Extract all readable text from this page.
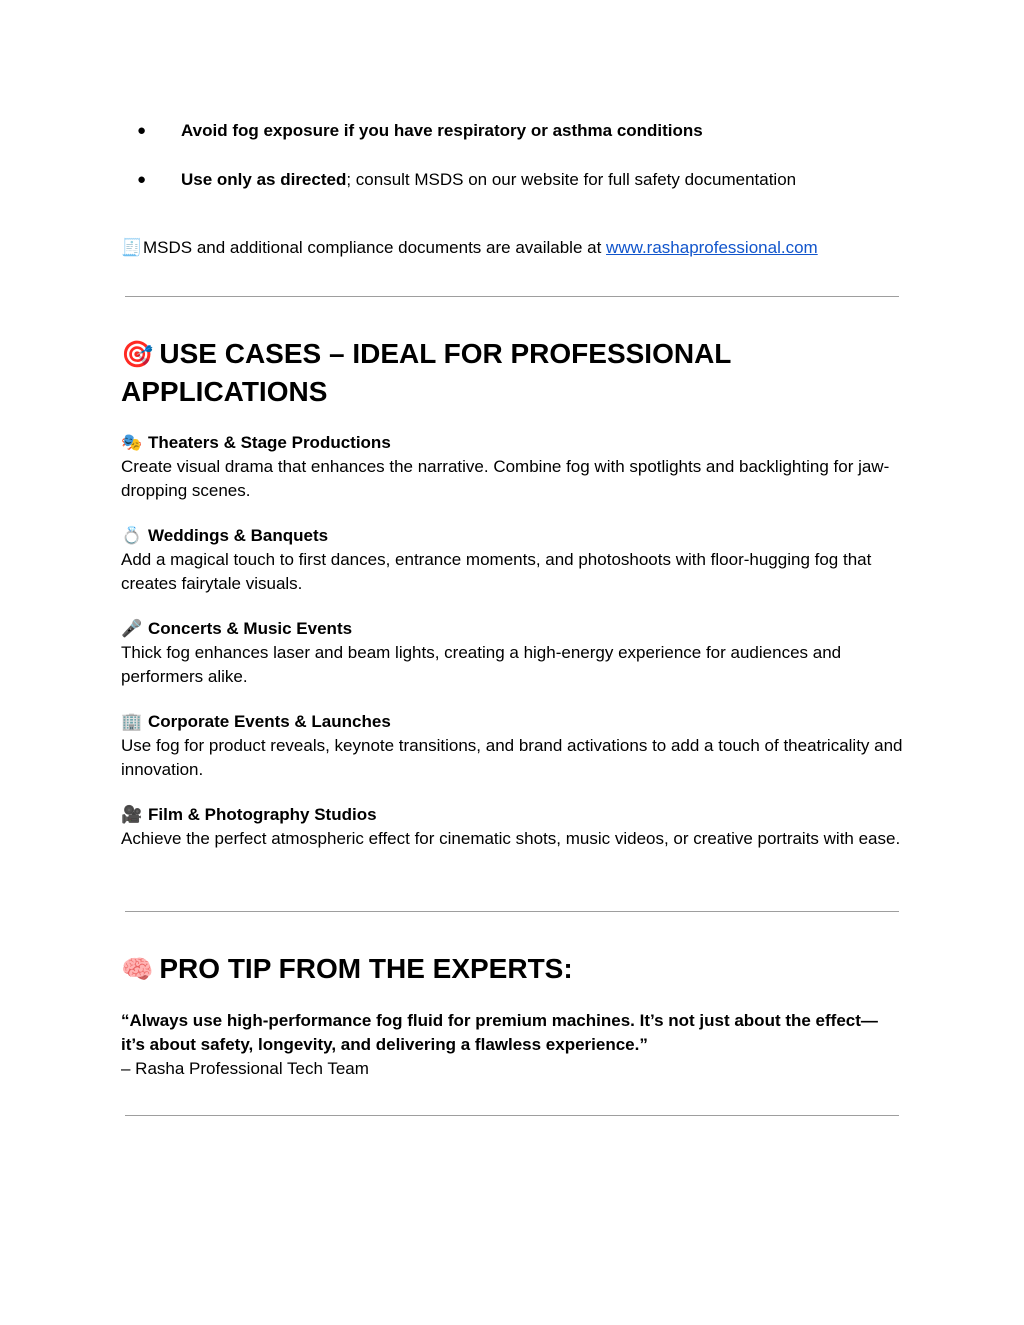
● Avoid fog exposure if you have respiratory or asthma conditions
● Use only as directed; consult MSDS on our website for full safety documentation
🧾MSDS and additional compliance documents are available at www.rashaprofessional.com
🎯 USE CASES – IDEAL FOR PROFESSIONAL
APPLICATIONS
🎭 Theaters & Stage Productions
Create visual drama that enhances the narrative. Combine fog with spotlights and backlighting for jaw-dropping scenes.
💍 Weddings & Banquets
Add a magical touch to first dances, entrance moments, and photoshoots with floor-hugging fog that creates fairytale visuals.
🎤 Concerts & Music Events
Thick fog enhances laser and beam lights, creating a high-energy experience for audiences and performers alike.
🏢 Corporate Events & Launches
Use fog for product reveals, keynote transitions, and brand activations to add a touch of theatricality and innovation.
🎥 Film & Photography Studios
Achieve the perfect atmospheric effect for cinematic shots, music videos, or creative portraits with ease.
🧠 PRO TIP FROM THE EXPERTS:
“Always use high-performance fog fluid for premium machines. It’s not just about the effect—it’s about safety, longevity, and delivering a flawless experience.”
– Rasha Professional Tech Team
